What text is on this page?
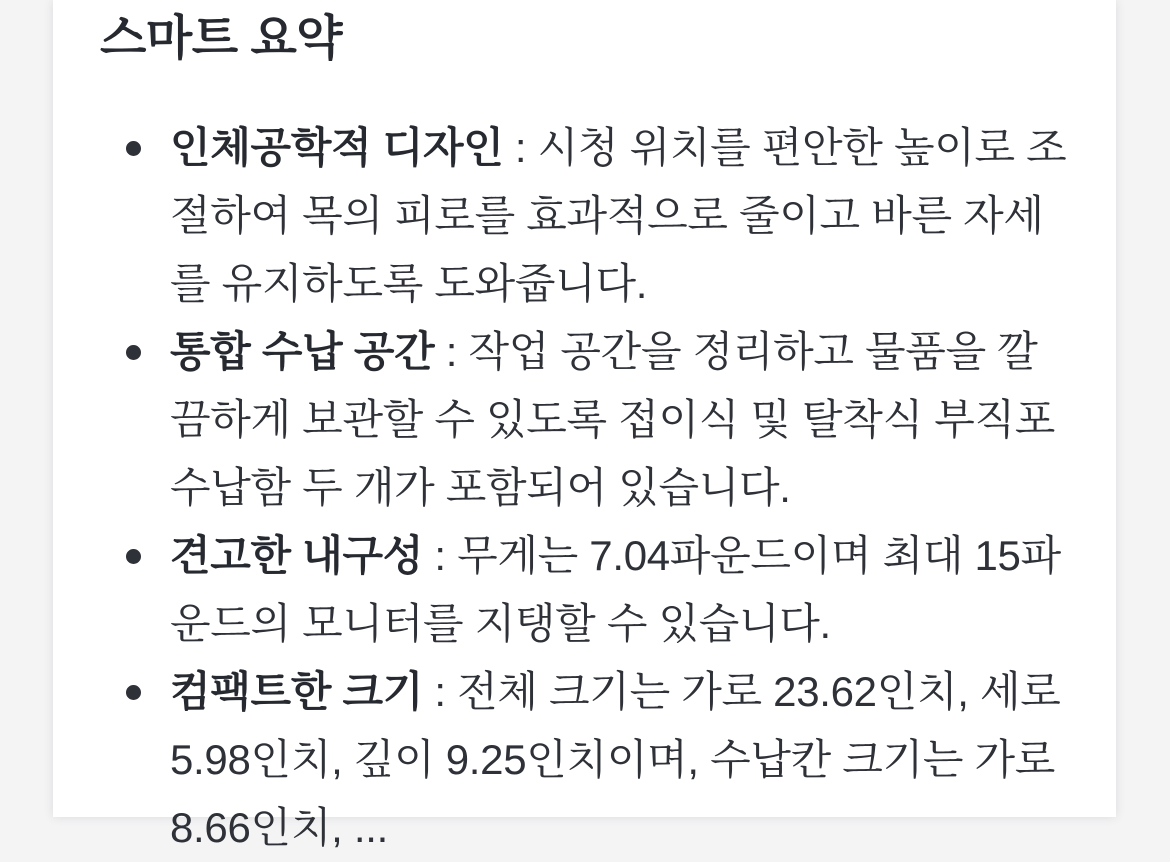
스마트 요약
인체공학적 디자인 : 시청 위치를 편안한 높이로 조절하여 목의 피로를 효과적으로 줄이고 바른 자세를 유지하도록 도와줍니다.
통합 수납 공간 : 작업 공간을 정리하고 물품을 깔끔하게 보관할 수 있도록 접이식 및 탈착식 부직포 수납함 두 개가 포함되어 있습니다.
견고한 내구성 : 무게는 7.04파운드이며 최대 15파운드의 모니터를 지탱할 수 있습니다.
컴팩트한 크기 : 전체 크기는 가로 23.62인치, 세로 5.98인치, 깊이 9.25인치이며, 수납칸 크기는 가로 8.66인치, ...
